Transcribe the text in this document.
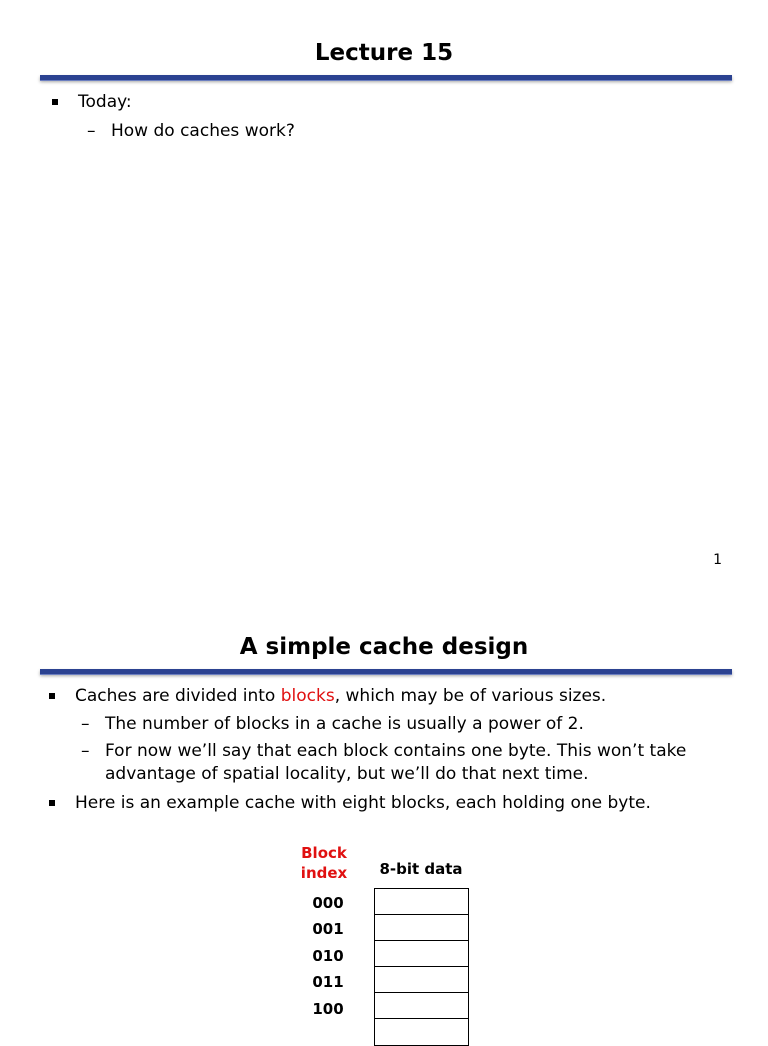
Lecture 15
Today:
– How do caches work?
1
A simple cache design
Caches are divided into blocks, which may be of various sizes.
– The number of blocks in a cache is usually a power of 2.
– For now we’ll say that each block contains one byte. This won’t take
advantage of spatial locality, but we’ll do that next time.
Here is an example cache with eight blocks, each holding one byte.
Block
index	8-bit data
000
001
010
011
100
